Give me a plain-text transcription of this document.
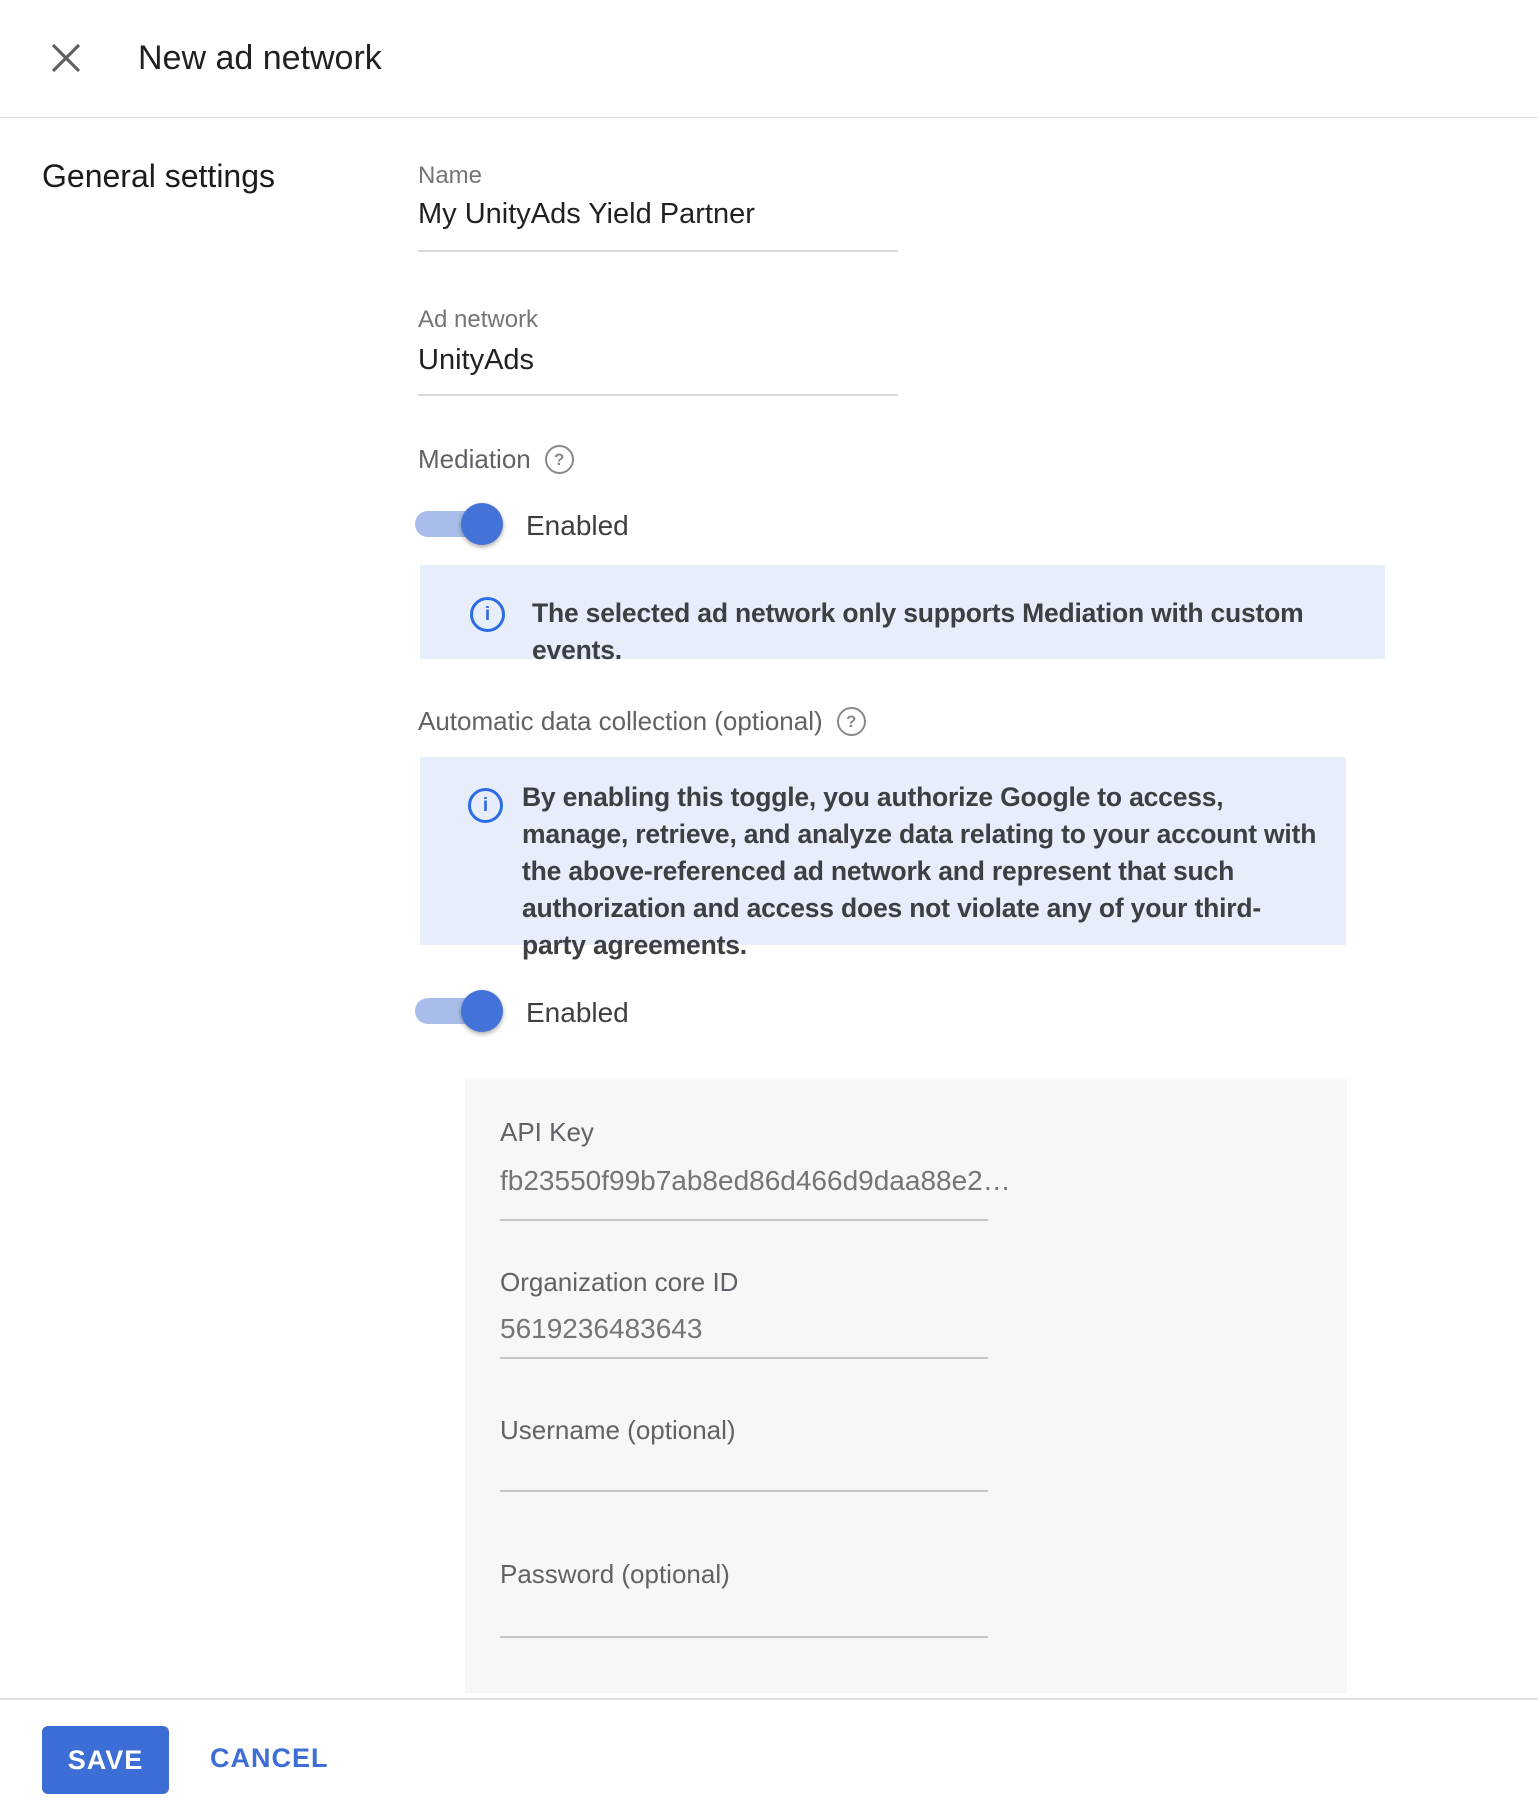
New ad network
General settings	Name
My UnityAds Yield Partner
Ad network
UnityAds
Mediation	?
Enabled
i	The selected ad network only supports Mediation with custom events.
Automatic data collection (optional)	?
i	By enabling this toggle, you authorize Google to access, manage, retrieve, and analyze data relating to your account with the above-referenced ad network and represent that such authorization and access does not violate any of your third-party agreements.
Enabled
API Key
fb23550f99b7ab8ed86d466d9daa88e2…
Organization core ID
5619236483643
Username (optional)
Password (optional)
SAVE	CANCEL
